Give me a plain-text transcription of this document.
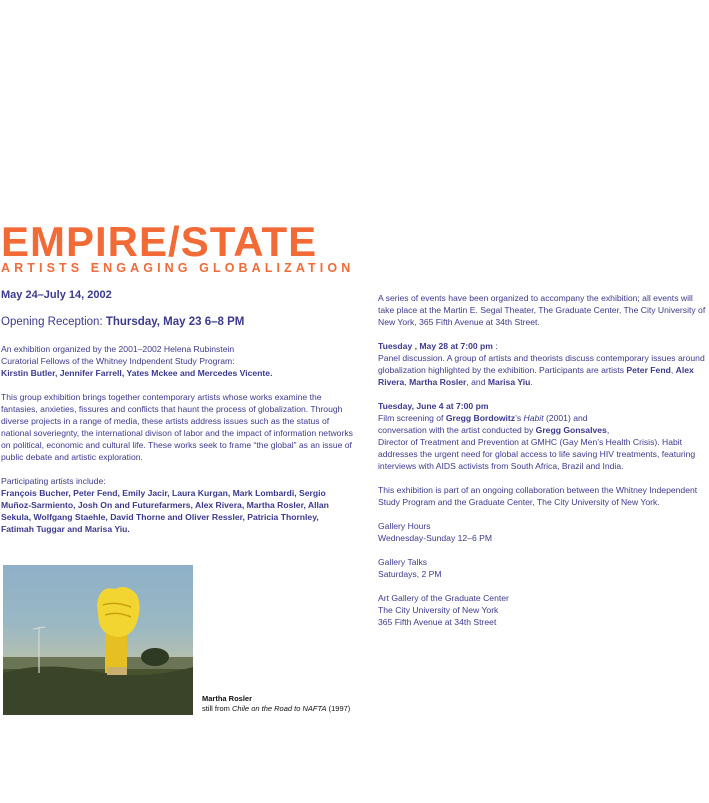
EMPIRE/STATE
ARTISTS ENGAGING GLOBALIZATION

May 24–July 14, 2002

Opening Reception: Thursday, May 23 6–8 PM

An exhibition organized by the 2001–2002 Helena Rubinstein
Curatorial Fellows of the Whitney Indpendent Study Program:
Kirstin Butler, Jennifer Farrell, Yates Mckee and Mercedes Vicente.

This group exhibition brings together contemporary artists whose works examine the fantasies, anxieties, fissures and conflicts that haunt the process of globalization. Through diverse projects in a range of media, these artists address issues such as the status of national soveriegnty, the international divison of labor and the impact of information networks on political, economic and cultural life. These works seek to frame “the global” as an issue of public debate and artistic exploration.

Participating artists include:

François Bucher, Peter Fend, Emily Jacir, Laura Kurgan, Mark Lombardi, Sergio Muñoz-Sarmiento, Josh On and Futurefarmers, Alex Rivera, Martha Rosler, Allan Sekula, Wolfgang Staehle, David Thorne and Oliver Ressler, Patricia Thornley, Fatimah Tuggar and Marisa Yiu.

Martha Rosler
still from Chile on the Road to NAFTA (1997)

A series of events have been organized to accompany the exhibition; all events will take place at the Martin E. Segal Theater, The Graduate Center, The City University of New York, 365 Fifth Avenue at 34th Street.

Tuesday , May 28 at 7:00 pm :
Panel discussion. A group of artists and theorists discuss contemporary issues around globalization highlighted by the exhibition. Participants are artists Peter Fend, Alex Rivera, Martha Rosler, and Marisa Yiu.

Tuesday, June 4 at 7:00 pm
Film screening of Gregg Bordowitz’s Habit (2001) and
conversation with the artist conducted by Gregg Gonsalves,
Director of Treatment and Prevention at GMHC (Gay Men’s Health Crisis). Habit addresses the urgent need for global access to life saving HIV treatments, featuring interviews with AIDS activists from South Africa, Brazil and India.

This exhibition is part of an ongoing collaboration between the Whitney Independent Study Program and the Graduate Center, The City University of New York.

Gallery Hours

Wednesday-Sunday 12–6 PM

Gallery Talks

Saturdays, 2 PM

Art Gallery of the Graduate Center

The City University of New York

365 Fifth Avenue at 34th Street
